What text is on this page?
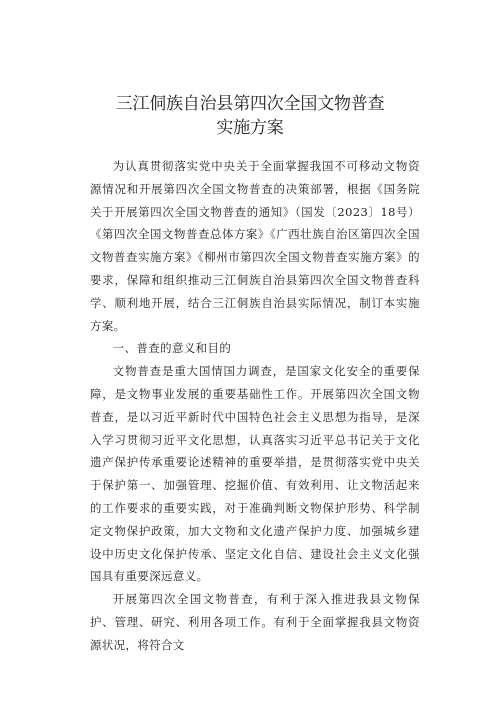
三江侗族自治县第四次全国文物普查
实施方案

为认真贯彻落实党中央关于全面掌握我国不可移动文物资源情况和开展第四次全国文物普查的决策部署，根据《国务院关于开展第四次全国文物普查的通知》（国发〔2023〕18号）《第四次全国文物普查总体方案》《广西壮族自治区第四次全国文物普查实施方案》《柳州市第四次全国文物普查实施方案》的要求，保障和组织推动三江侗族自治县第四次全国文物普查科学、顺利地开展，结合三江侗族自治县实际情况，制订本实施方案。

一、普查的意义和目的

文物普查是重大国情国力调查，是国家文化安全的重要保障，是文物事业发展的重要基础性工作。开展第四次全国文物普查，是以习近平新时代中国特色社会主义思想为指导，是深入学习贯彻习近平文化思想，认真落实习近平总书记关于文化遗产保护传承重要论述精神的重要举措，是贯彻落实党中央关于保护第一、加强管理、挖掘价值、有效利用、让文物活起来的工作要求的重要实践，对于准确判断文物保护形势、科学制定文物保护政策，加大文物和文化遗产保护力度、加强城乡建设中历史文化保护传承、坚定文化自信、建设社会主义文化强国具有重要深远意义。

开展第四次全国文物普查，有利于深入推进我县文物保护、管理、研究、利用各项工作。有利于全面掌握我县文物资源状况，将符合文
